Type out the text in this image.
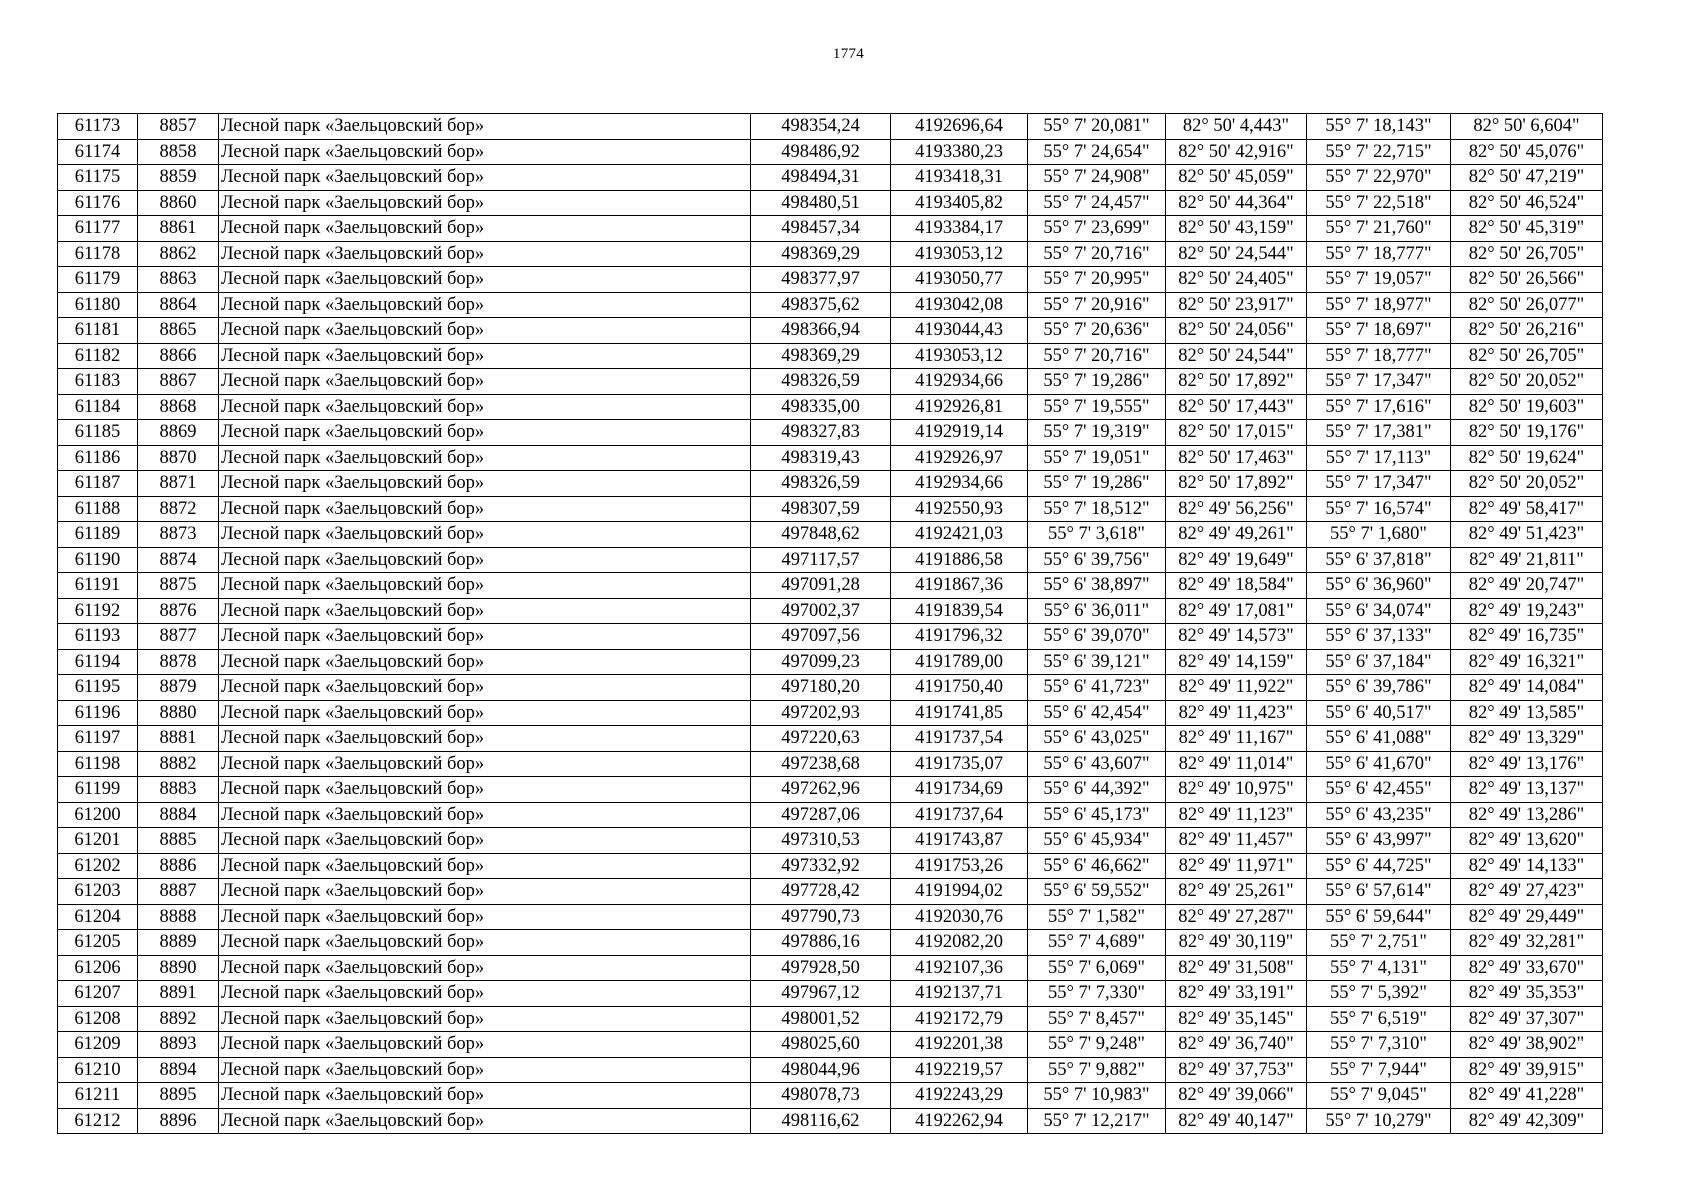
1774
61173	8857	Лесной парк «Заельцовский бор»	498354,24	4192696,64	55° 7' 20,081"	82° 50' 4,443"	55° 7' 18,143"	82° 50' 6,604"
61174	8858	Лесной парк «Заельцовский бор»	498486,92	4193380,23	55° 7' 24,654"	82° 50' 42,916"	55° 7' 22,715"	82° 50' 45,076"
61175	8859	Лесной парк «Заельцовский бор»	498494,31	4193418,31	55° 7' 24,908"	82° 50' 45,059"	55° 7' 22,970"	82° 50' 47,219"
61176	8860	Лесной парк «Заельцовский бор»	498480,51	4193405,82	55° 7' 24,457"	82° 50' 44,364"	55° 7' 22,518"	82° 50' 46,524"
61177	8861	Лесной парк «Заельцовский бор»	498457,34	4193384,17	55° 7' 23,699"	82° 50' 43,159"	55° 7' 21,760"	82° 50' 45,319"
61178	8862	Лесной парк «Заельцовский бор»	498369,29	4193053,12	55° 7' 20,716"	82° 50' 24,544"	55° 7' 18,777"	82° 50' 26,705"
61179	8863	Лесной парк «Заельцовский бор»	498377,97	4193050,77	55° 7' 20,995"	82° 50' 24,405"	55° 7' 19,057"	82° 50' 26,566"
61180	8864	Лесной парк «Заельцовский бор»	498375,62	4193042,08	55° 7' 20,916"	82° 50' 23,917"	55° 7' 18,977"	82° 50' 26,077"
61181	8865	Лесной парк «Заельцовский бор»	498366,94	4193044,43	55° 7' 20,636"	82° 50' 24,056"	55° 7' 18,697"	82° 50' 26,216"
61182	8866	Лесной парк «Заельцовский бор»	498369,29	4193053,12	55° 7' 20,716"	82° 50' 24,544"	55° 7' 18,777"	82° 50' 26,705"
61183	8867	Лесной парк «Заельцовский бор»	498326,59	4192934,66	55° 7' 19,286"	82° 50' 17,892"	55° 7' 17,347"	82° 50' 20,052"
61184	8868	Лесной парк «Заельцовский бор»	498335,00	4192926,81	55° 7' 19,555"	82° 50' 17,443"	55° 7' 17,616"	82° 50' 19,603"
61185	8869	Лесной парк «Заельцовский бор»	498327,83	4192919,14	55° 7' 19,319"	82° 50' 17,015"	55° 7' 17,381"	82° 50' 19,176"
61186	8870	Лесной парк «Заельцовский бор»	498319,43	4192926,97	55° 7' 19,051"	82° 50' 17,463"	55° 7' 17,113"	82° 50' 19,624"
61187	8871	Лесной парк «Заельцовский бор»	498326,59	4192934,66	55° 7' 19,286"	82° 50' 17,892"	55° 7' 17,347"	82° 50' 20,052"
61188	8872	Лесной парк «Заельцовский бор»	498307,59	4192550,93	55° 7' 18,512"	82° 49' 56,256"	55° 7' 16,574"	82° 49' 58,417"
61189	8873	Лесной парк «Заельцовский бор»	497848,62	4192421,03	55° 7' 3,618"	82° 49' 49,261"	55° 7' 1,680"	82° 49' 51,423"
61190	8874	Лесной парк «Заельцовский бор»	497117,57	4191886,58	55° 6' 39,756"	82° 49' 19,649"	55° 6' 37,818"	82° 49' 21,811"
61191	8875	Лесной парк «Заельцовский бор»	497091,28	4191867,36	55° 6' 38,897"	82° 49' 18,584"	55° 6' 36,960"	82° 49' 20,747"
61192	8876	Лесной парк «Заельцовский бор»	497002,37	4191839,54	55° 6' 36,011"	82° 49' 17,081"	55° 6' 34,074"	82° 49' 19,243"
61193	8877	Лесной парк «Заельцовский бор»	497097,56	4191796,32	55° 6' 39,070"	82° 49' 14,573"	55° 6' 37,133"	82° 49' 16,735"
61194	8878	Лесной парк «Заельцовский бор»	497099,23	4191789,00	55° 6' 39,121"	82° 49' 14,159"	55° 6' 37,184"	82° 49' 16,321"
61195	8879	Лесной парк «Заельцовский бор»	497180,20	4191750,40	55° 6' 41,723"	82° 49' 11,922"	55° 6' 39,786"	82° 49' 14,084"
61196	8880	Лесной парк «Заельцовский бор»	497202,93	4191741,85	55° 6' 42,454"	82° 49' 11,423"	55° 6' 40,517"	82° 49' 13,585"
61197	8881	Лесной парк «Заельцовский бор»	497220,63	4191737,54	55° 6' 43,025"	82° 49' 11,167"	55° 6' 41,088"	82° 49' 13,329"
61198	8882	Лесной парк «Заельцовский бор»	497238,68	4191735,07	55° 6' 43,607"	82° 49' 11,014"	55° 6' 41,670"	82° 49' 13,176"
61199	8883	Лесной парк «Заельцовский бор»	497262,96	4191734,69	55° 6' 44,392"	82° 49' 10,975"	55° 6' 42,455"	82° 49' 13,137"
61200	8884	Лесной парк «Заельцовский бор»	497287,06	4191737,64	55° 6' 45,173"	82° 49' 11,123"	55° 6' 43,235"	82° 49' 13,286"
61201	8885	Лесной парк «Заельцовский бор»	497310,53	4191743,87	55° 6' 45,934"	82° 49' 11,457"	55° 6' 43,997"	82° 49' 13,620"
61202	8886	Лесной парк «Заельцовский бор»	497332,92	4191753,26	55° 6' 46,662"	82° 49' 11,971"	55° 6' 44,725"	82° 49' 14,133"
61203	8887	Лесной парк «Заельцовский бор»	497728,42	4191994,02	55° 6' 59,552"	82° 49' 25,261"	55° 6' 57,614"	82° 49' 27,423"
61204	8888	Лесной парк «Заельцовский бор»	497790,73	4192030,76	55° 7' 1,582"	82° 49' 27,287"	55° 6' 59,644"	82° 49' 29,449"
61205	8889	Лесной парк «Заельцовский бор»	497886,16	4192082,20	55° 7' 4,689"	82° 49' 30,119"	55° 7' 2,751"	82° 49' 32,281"
61206	8890	Лесной парк «Заельцовский бор»	497928,50	4192107,36	55° 7' 6,069"	82° 49' 31,508"	55° 7' 4,131"	82° 49' 33,670"
61207	8891	Лесной парк «Заельцовский бор»	497967,12	4192137,71	55° 7' 7,330"	82° 49' 33,191"	55° 7' 5,392"	82° 49' 35,353"
61208	8892	Лесной парк «Заельцовский бор»	498001,52	4192172,79	55° 7' 8,457"	82° 49' 35,145"	55° 7' 6,519"	82° 49' 37,307"
61209	8893	Лесной парк «Заельцовский бор»	498025,60	4192201,38	55° 7' 9,248"	82° 49' 36,740"	55° 7' 7,310"	82° 49' 38,902"
61210	8894	Лесной парк «Заельцовский бор»	498044,96	4192219,57	55° 7' 9,882"	82° 49' 37,753"	55° 7' 7,944"	82° 49' 39,915"
61211	8895	Лесной парк «Заельцовский бор»	498078,73	4192243,29	55° 7' 10,983"	82° 49' 39,066"	55° 7' 9,045"	82° 49' 41,228"
61212	8896	Лесной парк «Заельцовский бор»	498116,62	4192262,94	55° 7' 12,217"	82° 49' 40,147"	55° 7' 10,279"	82° 49' 42,309"
